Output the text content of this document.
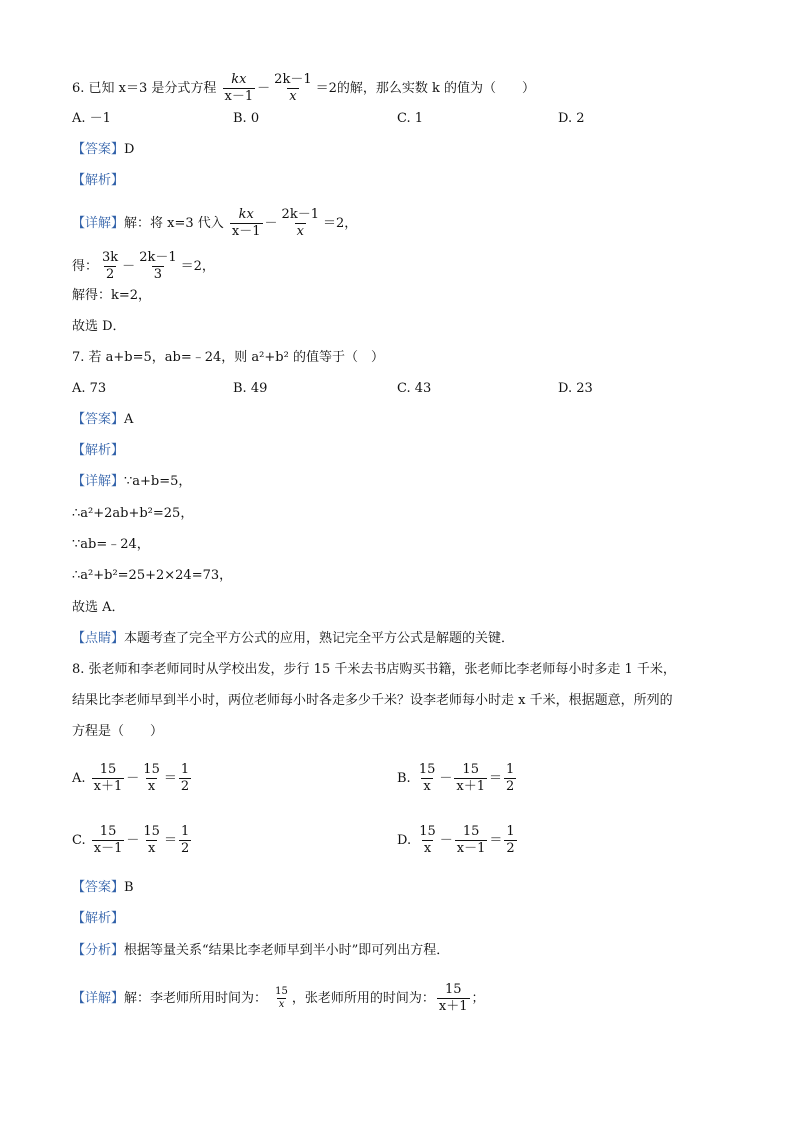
6. 已知 x＝3 是分式方程 $\frac{kx}{x-1} - \frac{2k-1}{x} =2$的解，那么实数 k 的值为（　　）
A. －1	B. 0	C. 1	D. 2
【答案】D
【解析】
【详解】解：将 x=3 代入 $\frac{kx}{x-1} - \frac{2k-1}{x} =2$，
得： $\frac{3k}{2} - \frac{2k-1}{3} =2$，
解得：k=2，
故选 D．
7. 若 a+b=5，ab=﹣24，则 a²+b² 的值等于（　）
A. 73	B. 49	C. 43	D. 23
【答案】A
【解析】
【详解】∵a+b=5，
∴a²+2ab+b²=25，
∵ab=﹣24，
∴a²+b²=25+2×24=73，
故选 A．
【点睛】本题考查了完全平方公式的应用，熟记完全平方公式是解题的关键．
8. 张老师和李老师同时从学校出发，步行 15 千米去书店购买书籍，张老师比李老师每小时多走 1 千米，
结果比李老师早到半小时，两位老师每小时各走多少千米？设李老师每小时走 x 千米，根据题意，所列的
方程是（　　）
A. $\frac{15}{x+1} - \frac{15}{x} = \frac{1}{2}$	B. $\frac{15}{x} - \frac{15}{x+1} = \frac{1}{2}$
C. $\frac{15}{x-1} - \frac{15}{x} = \frac{1}{2}$	D. $\frac{15}{x} - \frac{15}{x-1} = \frac{1}{2}$
【答案】B
【解析】
【分析】根据等量关系“结果比李老师早到半小时”即可列出方程．
【详解】解：李老师所用时间为： $\frac{15}{x}$ ，张老师所用的时间为： $\frac{15}{x+1}$ ；
